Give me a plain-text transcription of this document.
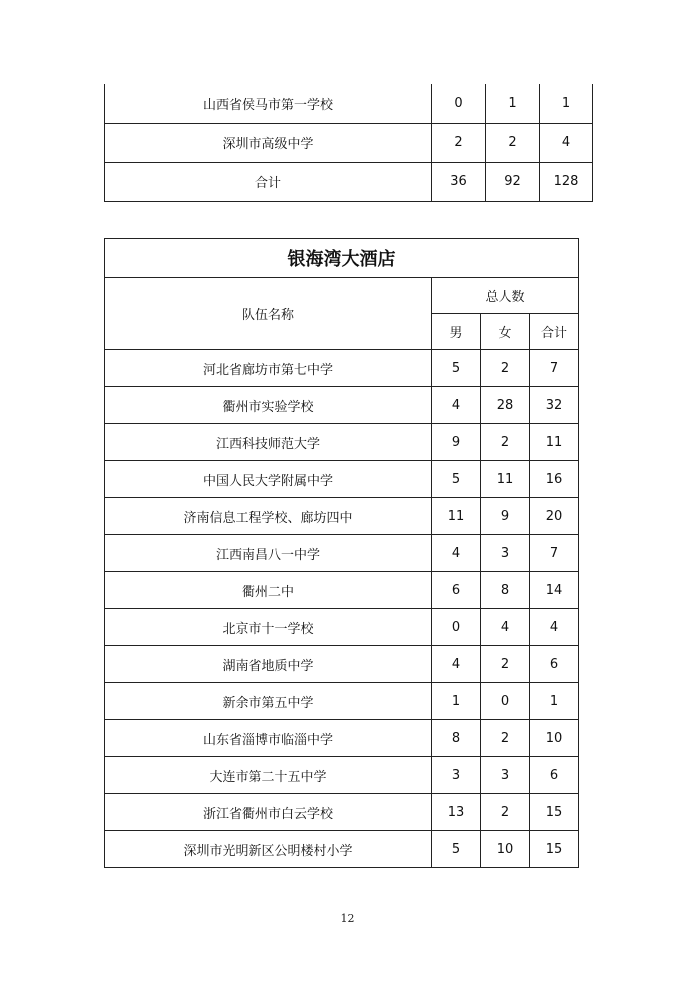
山西省侯马市第一学校	0	1	1
深圳市高级中学	2	2	4
合计	36	92	128
银海湾大酒店			
队伍名称	总人数		
	男	女	合计
河北省廊坊市第七中学	5	2	7
衢州市实验学校	4	28	32
江西科技师范大学	9	2	11
中国人民大学附属中学	5	11	16
济南信息工程学校、廊坊四中	11	9	20
江西南昌八一中学	4	3	7
衢州二中	6	8	14
北京市十一学校	0	4	4
湖南省地质中学	4	2	6
新余市第五中学	1	0	1
山东省淄博市临淄中学	8	2	10
大连市第二十五中学	3	3	6
浙江省衢州市白云学校	13	2	15
深圳市光明新区公明楼村小学	5	10	15
12
